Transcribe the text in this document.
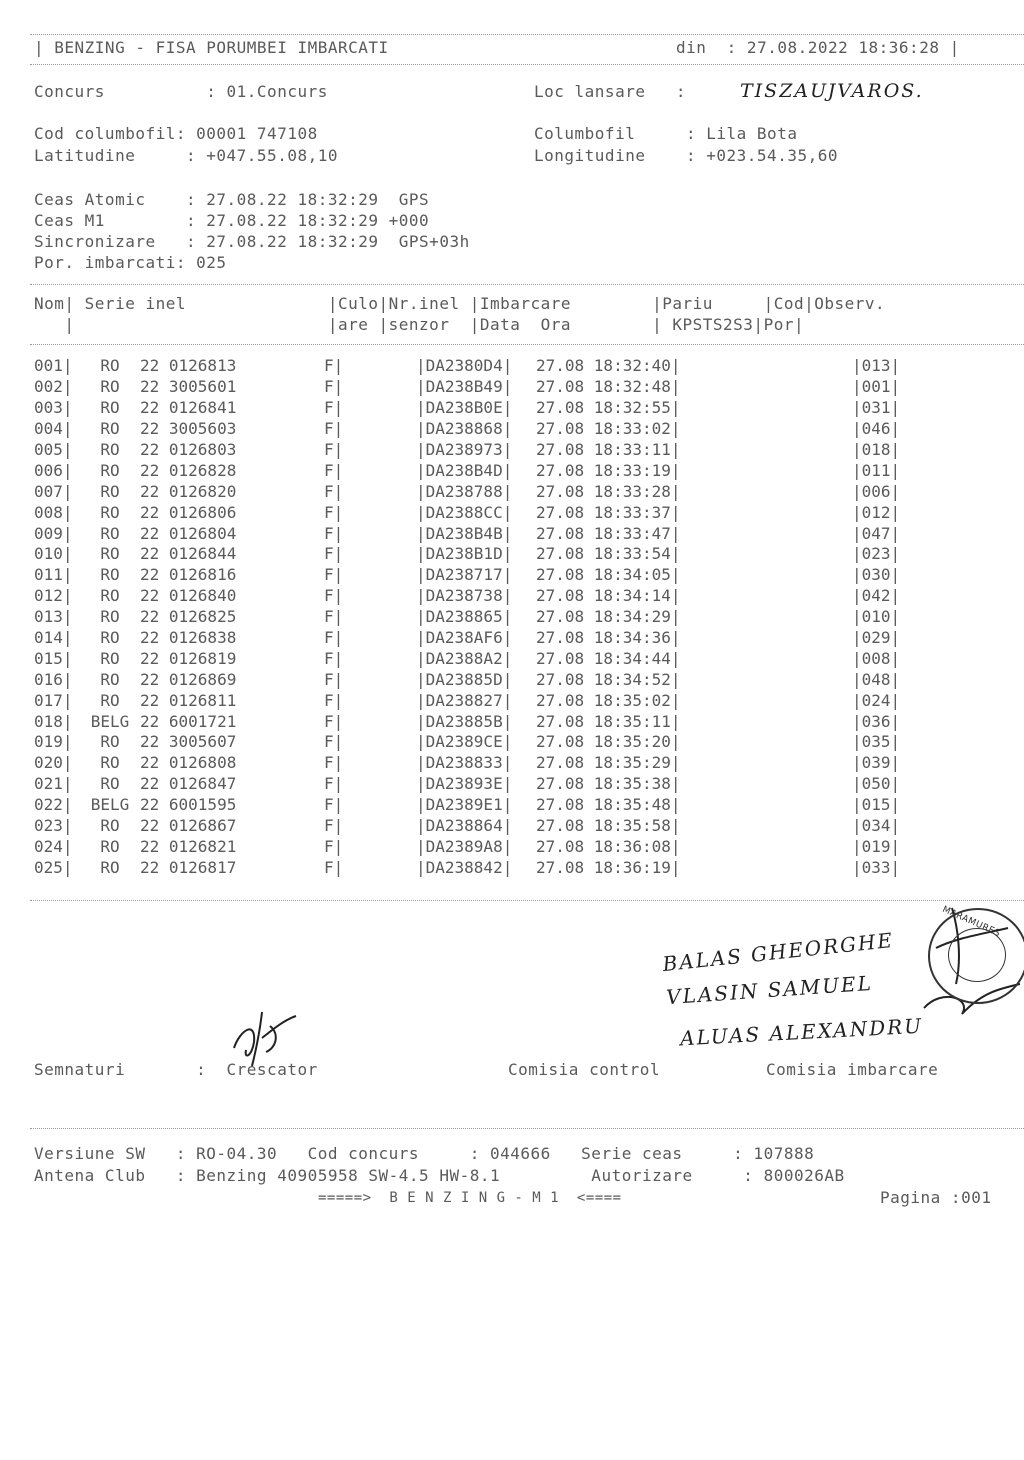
| BENZING - FISA PORUMBEI IMBARCATI	din  : 27.08.2022 18:36:28 |
Concurs          : 01.Concurs	Loc lansare   :	TISZAUJVAROS.
Cod columbofil: 00001 747108	Columbofil     : Lila Bota
Latitudine     : +047.55.08,10	Longitudine    : +023.54.35,60
Ceas Atomic    : 27.08.22 18:32:29  GPS
Ceas M1        : 27.08.22 18:32:29 +000
Sincronizare   : 27.08.22 18:32:29  GPS+03h
Por. imbarcati: 025
Nom| Serie inel              |Culo|Nr.inel |Imbarcare        |Pariu     |Cod|Observ.
|                         |are |senzor  |Data  Ora        | KPSTS2S3|Por|
001|	RO	22 0126813	F|		|DA2380D4|	27.08 18:32:40|		|013|
002|	RO	22 3005601	F|		|DA238B49|	27.08 18:32:48|		|001|
003|	RO	22 0126841	F|		|DA238B0E|	27.08 18:32:55|		|031|
004|	RO	22 3005603	F|		|DA238868|	27.08 18:33:02|		|046|
005|	RO	22 0126803	F|		|DA238973|	27.08 18:33:11|		|018|
006|	RO	22 0126828	F|		|DA238B4D|	27.08 18:33:19|		|011|
007|	RO	22 0126820	F|		|DA238788|	27.08 18:33:28|		|006|
008|	RO	22 0126806	F|		|DA2388CC|	27.08 18:33:37|		|012|
009|	RO	22 0126804	F|		|DA238B4B|	27.08 18:33:47|		|047|
010|	RO	22 0126844	F|		|DA238B1D|	27.08 18:33:54|		|023|
011|	RO	22 0126816	F|		|DA238717|	27.08 18:34:05|		|030|
012|	RO	22 0126840	F|		|DA238738|	27.08 18:34:14|		|042|
013|	RO	22 0126825	F|		|DA238865|	27.08 18:34:29|		|010|
014|	RO	22 0126838	F|		|DA238AF6|	27.08 18:34:36|		|029|
015|	RO	22 0126819	F|		|DA2388A2|	27.08 18:34:44|		|008|
016|	RO	22 0126869	F|		|DA23885D|	27.08 18:34:52|		|048|
017|	RO	22 0126811	F|		|DA238827|	27.08 18:35:02|		|024|
018|	BELG	22 6001721	F|		|DA23885B|	27.08 18:35:11|		|036|
019|	RO	22 3005607	F|		|DA2389CE|	27.08 18:35:20|		|035|
020|	RO	22 0126808	F|		|DA238833|	27.08 18:35:29|		|039|
021|	RO	22 0126847	F|		|DA23893E|	27.08 18:35:38|		|050|
022|	BELG	22 6001595	F|		|DA2389E1|	27.08 18:35:48|		|015|
023|	RO	22 0126867	F|		|DA238864|	27.08 18:35:58|		|034|
024|	RO	22 0126821	F|		|DA2389A8|	27.08 18:36:08|		|019|
025|	RO	22 0126817	F|		|DA238842|	27.08 18:36:19|		|033|
BALAS GHEORGHE
VLASIN SAMUEL
ALUAS ALEXANDRU
MARAMURES
Semnaturi       :  Crescator	Comisia control	Comisia imbarcare
Versiune SW   : RO-04.30   Cod concurs     : 044666   Serie ceas     : 107888
Antena Club   : Benzing 40905958 SW-4.5 HW-8.1         Autorizare     : 800026AB
=====>  B E N Z I N G - M 1  <====	Pagina :001
